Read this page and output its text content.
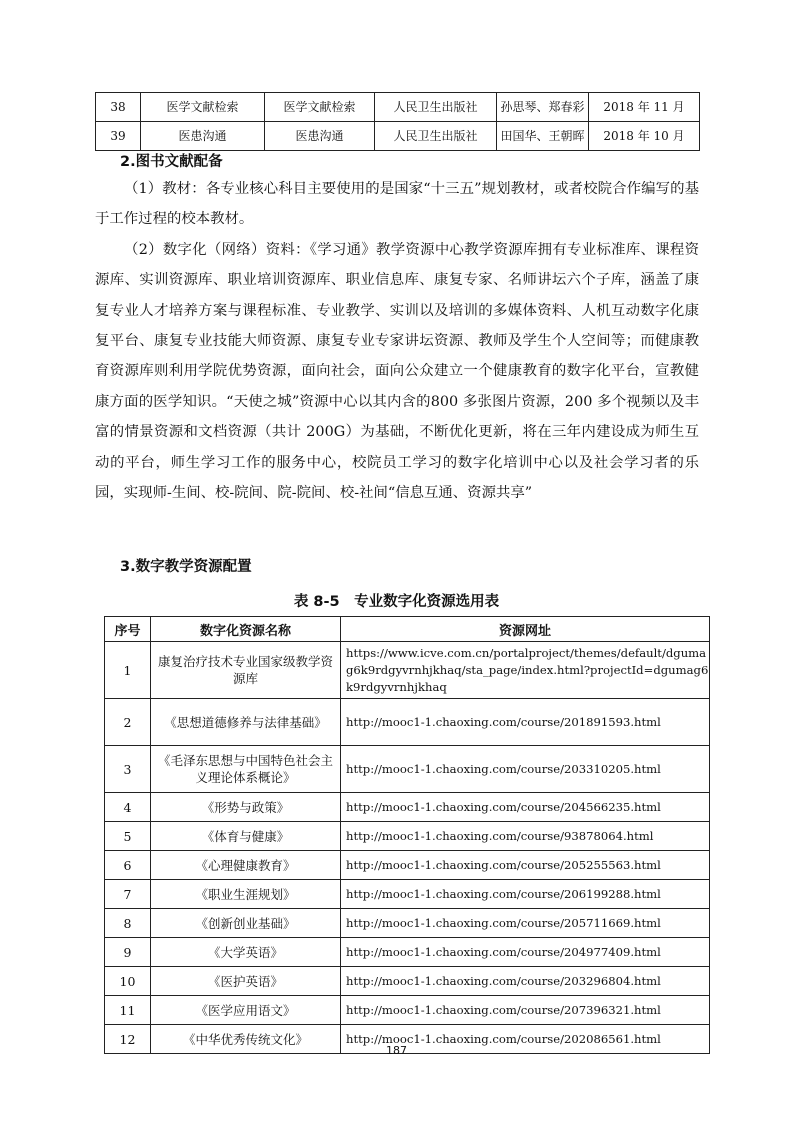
38	医学文献检索	医学文献检索	人民卫生出版社	孙思琴、郑春彩	2018 年 11 月
39	医患沟通	医患沟通	人民卫生出版社	田国华、王朝晖	2018 年 10 月
2.图书文献配备

（1）教材：各专业核心科目主要使用的是国家“十三五”规划教材，或者校院合作编写的基于工作过程的校本教材。

（2）数字化（网络）资料：《学习通》教学资源中心教学资源库拥有专业标准库、课程资源库、实训资源库、职业培训资源库、职业信息库、康复专家、名师讲坛六个子库，涵盖了康复专业人才培养方案与课程标准、专业教学、实训以及培训的多媒体资料、人机互动数字化康复平台、康复专业技能大师资源、康复专业专家讲坛资源、教师及学生个人空间等；而健康教育资源库则利用学院优势资源，面向社会，面向公众建立一个健康教育的数字化平台，宣教健康方面的医学知识。“天使之城”资源中心以其内含的800 多张图片资源，200 多个视频以及丰富的情景资源和文档资源（共计 200G）为基础，不断优化更新，将在三年内建设成为师生互动的平台，师生学习工作的服务中心，校院员工学习的数字化培训中心以及社会学习者的乐园，实现师-生间、校-院间、院-院间、校-社间“信息互通、资源共享”

3.数字教学资源配置
表 8-5　专业数字化资源选用表
序号	数字化资源名称	资源网址
1	康复治疗技术专业国家级教学资源库	https://www.icve.com.cn/portalproject/themes/default/dgumag6k9rdgyvrnhjkhaq/sta_page/index.html?projectId=dgumag6k9rdgyvrnhjkhaq
2	《思想道德修养与法律基础》	http://mooc1-1.chaoxing.com/course/201891593.html
3	《毛泽东思想与中国特色社会主义理论体系概论》	http://mooc1-1.chaoxing.com/course/203310205.html
4	《形势与政策》	http://mooc1-1.chaoxing.com/course/204566235.html
5	《体育与健康》	http://mooc1-1.chaoxing.com/course/93878064.html
6	《心理健康教育》	http://mooc1-1.chaoxing.com/course/205255563.html
7	《职业生涯规划》	http://mooc1-1.chaoxing.com/course/206199288.html
8	《创新创业基础》	http://mooc1-1.chaoxing.com/course/205711669.html
9	《大学英语》	http://mooc1-1.chaoxing.com/course/204977409.html
10	《医护英语》	http://mooc1-1.chaoxing.com/course/203296804.html
11	《医学应用语文》	http://mooc1-1.chaoxing.com/course/207396321.html
12	《中华优秀传统文化》	http://mooc1-1.chaoxing.com/course/202086561.html
187
